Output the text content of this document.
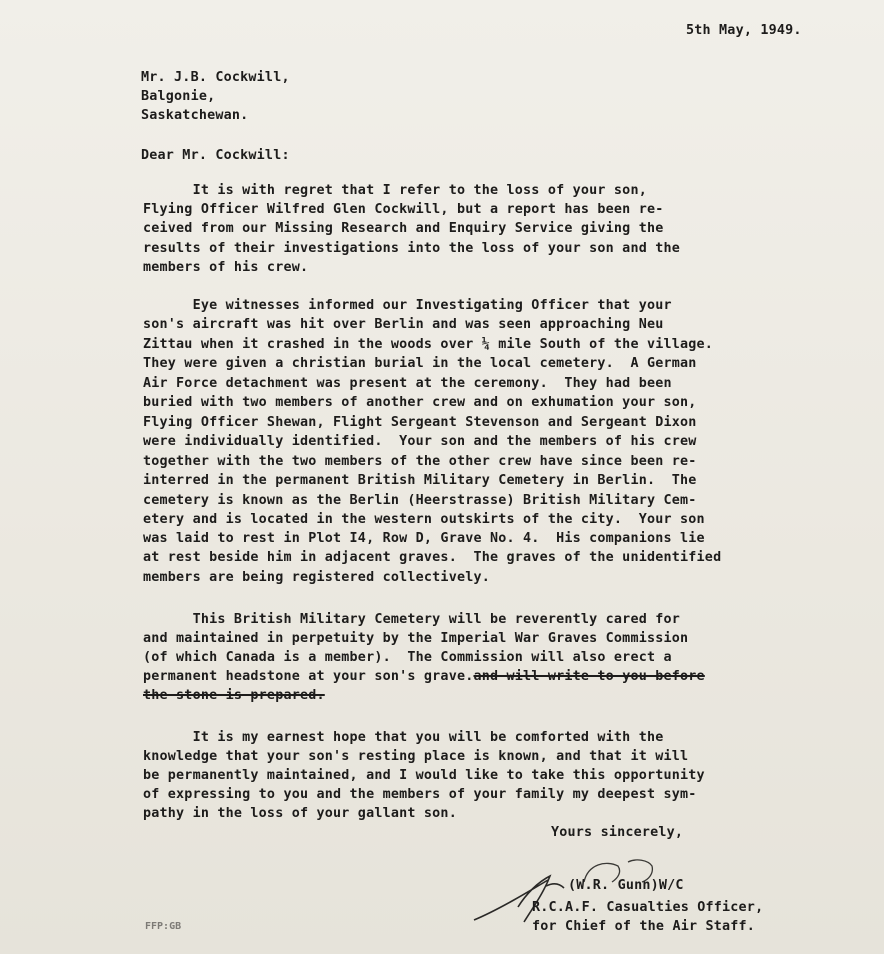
5th May, 1949.
Mr. J.B. Cockwill,
Balgonie,
Saskatchewan.
Dear Mr. Cockwill:
It is with regret that I refer to the loss of your son,
Flying Officer Wilfred Glen Cockwill, but a report has been re-
ceived from our Missing Research and Enquiry Service giving the
results of their investigations into the loss of your son and the
members of his crew.
Eye witnesses informed our Investigating Officer that your
son's aircraft was hit over Berlin and was seen approaching Neu
Zittau when it crashed in the woods over ¼ mile South of the village.
They were given a christian burial in the local cemetery.  A German
Air Force detachment was present at the ceremony.  They had been
buried with two members of another crew and on exhumation your son,
Flying Officer Shewan, Flight Sergeant Stevenson and Sergeant Dixon
were individually identified.  Your son and the members of his crew
together with the two members of the other crew have since been re-
interred in the permanent British Military Cemetery in Berlin.  The
cemetery is known as the Berlin (Heerstrasse) British Military Cem-
etery and is located in the western outskirts of the city.  Your son
was laid to rest in Plot I4, Row D, Grave No. 4.  His companions lie
at rest beside him in adjacent graves.  The graves of the unidentified
members are being registered collectively.
This British Military Cemetery will be reverently cared for
and maintained in perpetuity by the Imperial War Graves Commission
(of which Canada is a member).  The Commission will also erect a
permanent headstone at your son's grave.and will write to you before
the stone is prepared.
It is my earnest hope that you will be comforted with the
knowledge that your son's resting place is known, and that it will
be permanently maintained, and I would like to take this opportunity
of expressing to you and the members of your family my deepest sym-
pathy in the loss of your gallant son.
Yours sincerely,
(W.R. Gunn)W/C
R.C.A.F. Casualties Officer,
for Chief of the Air Staff.
FFP:GB
